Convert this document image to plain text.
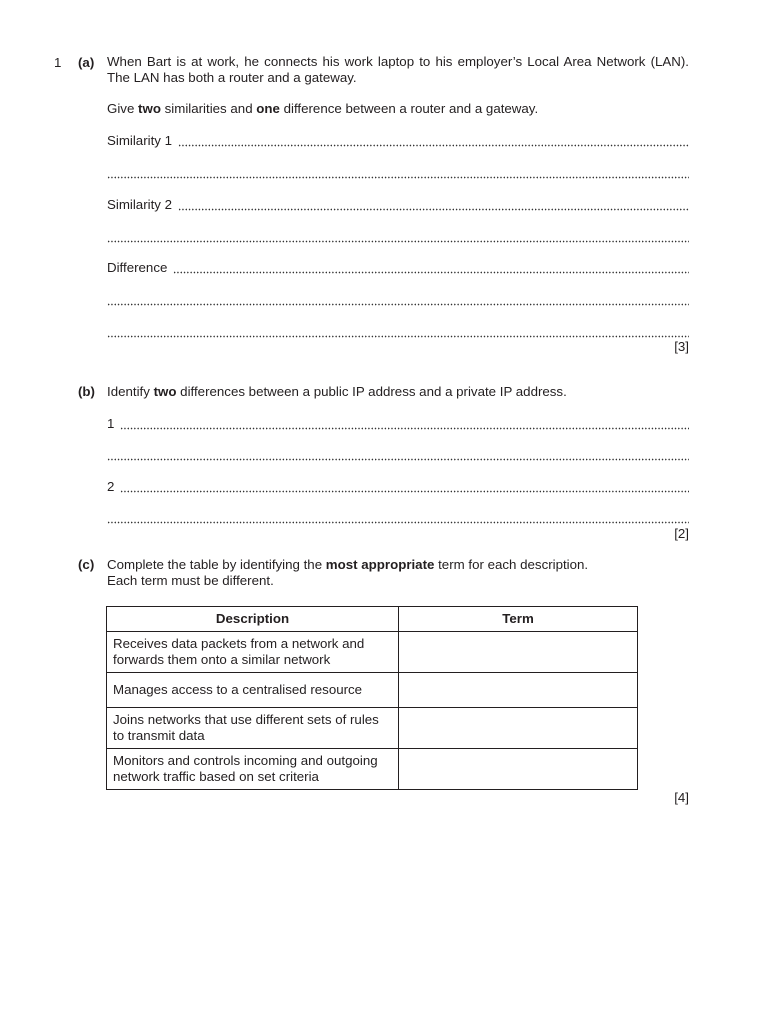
1 (a) When Bart is at work, he connects his work laptop to his employer’s Local Area Network (LAN). The LAN has both a router and a gateway.
Give two similarities and one difference between a router and a gateway.
Similarity 1
Similarity 2
Difference
[3]
(b) Identify two differences between a public IP address and a private IP address.
1
2
[2]
(c) Complete the table by identifying the most appropriate term for each description.
Each term must be different.
Description	Term
Receives data packets from a network and forwards them onto a similar network	
Manages access to a centralised resource	
Joins networks that use different sets of rules to transmit data	
Monitors and controls incoming and outgoing network traffic based on set criteria	
[4]
